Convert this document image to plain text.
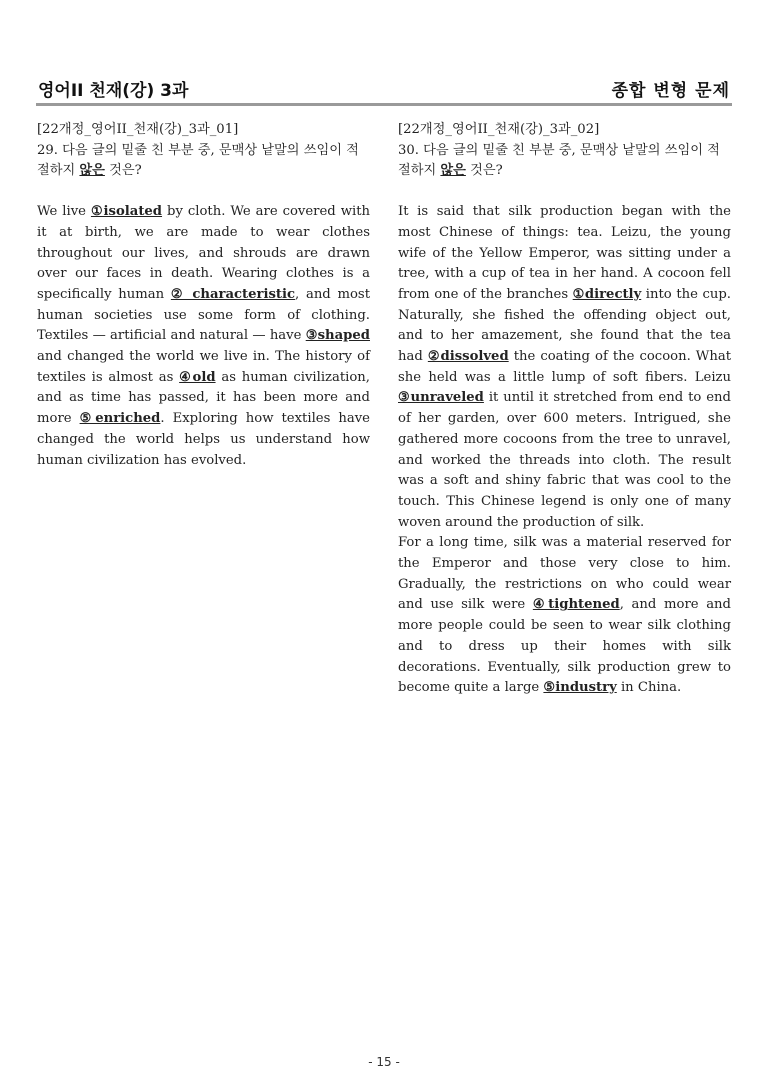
영어II 천재(강) 3과	종합 변형 문제

[22개정_영어II_천재(강)_3과_01]

29. 다음 글의 밑줄 친 부분 중, 문맥상 낱말의 쓰임이 적절하지 않은 것은?

We live ①isolated by cloth. We are covered with it at birth, we are made to wear clothes throughout our lives, and shrouds are drawn over our faces in death. Wearing clothes is a specifically human ② characteristic, and most human societies use some form of clothing. Textiles — artificial and natural — have ③shaped and changed the world we live in. The history of textiles is almost as ④old as human civilization, and as time has passed, it has been more and more ⑤enriched. Exploring how textiles have changed the world helps us understand how human civilization has evolved.

[22개정_영어II_천재(강)_3과_02]

30. 다음 글의 밑줄 친 부분 중, 문맥상 낱말의 쓰임이 적절하지 않은 것은?

It is said that silk production began with the most Chinese of things: tea. Leizu, the young wife of the Yellow Emperor, was sitting under a tree, with a cup of tea in her hand. A cocoon fell from one of the branches ①directly into the cup. Naturally, she fished the offending object out, and to her amazement, she found that the tea had ②dissolved the coating of the cocoon. What she held was a little lump of soft fibers. Leizu ③unraveled it until it stretched from end to end of her garden, over 600 meters. Intrigued, she gathered more cocoons from the tree to unravel, and worked the threads into cloth. The result was a soft and shiny fabric that was cool to the touch. This Chinese legend is only one of many woven around the production of silk.

For a long time, silk was a material reserved for the Emperor and those very close to him. Gradually, the restrictions on who could wear and use silk were ④tightened, and more and more people could be seen to wear silk clothing and to dress up their homes with silk decorations. Eventually, silk production grew to become quite a large ⑤industry in China.

- 15 -
